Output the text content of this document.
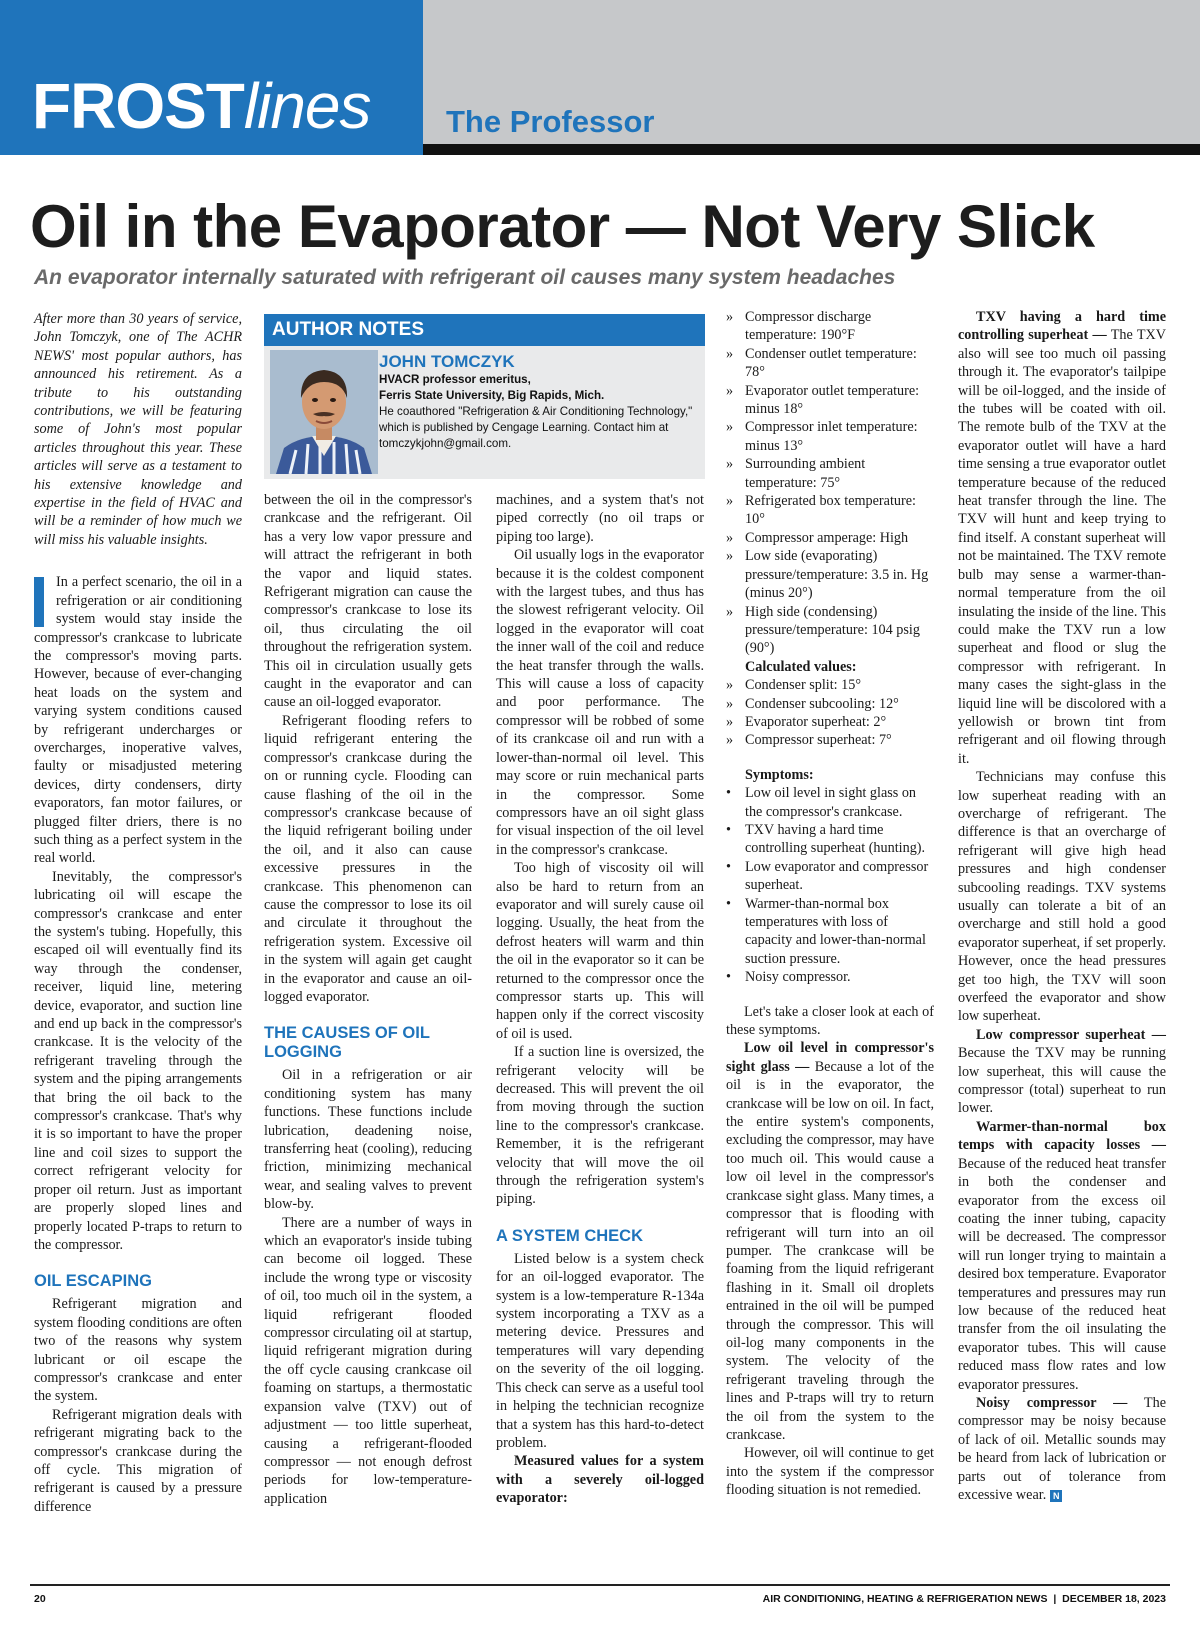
FROSTlines The Professor
Oil in the Evaporator — Not Very Slick
An evaporator internally saturated with refrigerant oil causes many system headaches
AUTHOR NOTES
JOHN TOMCZYK
HVACR professor emeritus,
Ferris State University, Big Rapids, Mich.
He coauthored "Refrigeration & Air Conditioning Technology," which is published by Cengage Learning. Contact him at tomczykjohn@gmail.com.

After more than 30 years of service, John Tomczyk, one of The ACHR NEWS' most popular authors, has announced his retirement. As a tribute to his outstanding contributions, we will be featuring some of John's most popular articles throughout this year. These articles will serve as a testament to his extensive knowledge and expertise in the field of HVAC and will be a reminder of how much we will miss his valuable insights.

In a perfect scenario, the oil in a refrigeration or air conditioning system would stay inside the compressor's crankcase to lubricate the compressor's moving parts. However, because of ever-changing heat loads on the system and varying system conditions caused by refrigerant undercharges or overcharges, inoperative valves, faulty or misadjusted metering devices, dirty condensers, dirty evaporators, fan motor failures, or plugged filter driers, there is no such thing as a perfect system in the real world.

Inevitably, the compressor's lubricating oil will escape the compressor's crankcase and enter the system's tubing. Hopefully, this escaped oil will eventually find its way through the condenser, receiver, liquid line, metering device, evaporator, and suction line and end up back in the compressor's crankcase. It is the velocity of the refrigerant traveling through the system and the piping arrangements that bring the oil back to the compressor's crankcase. That's why it is so important to have the proper line and coil sizes to support the correct refrigerant velocity for proper oil return. Just as important are properly sloped lines and properly located P-traps to return to the compressor.

OIL ESCAPING

Refrigerant migration and system flooding conditions are often two of the reasons why system lubricant or oil escape the compressor's crankcase and enter the system.

Refrigerant migration deals with refrigerant migrating back to the compressor's crankcase during the off cycle. This migration of refrigerant is caused by a pressure difference

between the oil in the compressor's crankcase and the refrigerant. Oil has a very low vapor pressure and will attract the refrigerant in both the vapor and liquid states. Refrigerant migration can cause the compressor's crankcase to lose its oil, thus circulating the oil throughout the refrigeration system. This oil in circulation usually gets caught in the evaporator and can cause an oil-logged evaporator.

Refrigerant flooding refers to liquid refrigerant entering the compressor's crankcase during the on or running cycle. Flooding can cause flashing of the oil in the compressor's crankcase because of the liquid refrigerant boiling under the oil, and it also can cause excessive pressures in the crankcase. This phenomenon can cause the compressor to lose its oil and circulate it throughout the refrigeration system. Excessive oil in the system will again get caught in the evaporator and cause an oil-logged evaporator.

THE CAUSES OF OIL LOGGING

Oil in a refrigeration or air conditioning system has many functions. These functions include lubrication, deadening noise, transferring heat (cooling), reducing friction, minimizing mechanical wear, and sealing valves to prevent blow-by.

There are a number of ways in which an evaporator's inside tubing can become oil logged. These include the wrong type or viscosity of oil, too much oil in the system, a liquid refrigerant flooded compressor circulating oil at startup, liquid refrigerant migration during the off cycle causing crankcase oil foaming on startups, a thermostatic expansion valve (TXV) out of adjustment — too little superheat, causing a refrigerant-flooded compressor — not enough defrost periods for low-temperature-application

machines, and a system that's not piped correctly (no oil traps or piping too large).

Oil usually logs in the evaporator because it is the coldest component with the largest tubes, and thus has the slowest refrigerant velocity. Oil logged in the evaporator will coat the inner wall of the coil and reduce the heat transfer through the walls. This will cause a loss of capacity and poor performance. The compressor will be robbed of some of its crankcase oil and run with a lower-than-normal oil level. This may score or ruin mechanical parts in the compressor. Some compressors have an oil sight glass for visual inspection of the oil level in the compressor's crankcase.

Too high of viscosity oil will also be hard to return from an evaporator and will surely cause oil logging. Usually, the heat from the defrost heaters will warm and thin the oil in the evaporator so it can be returned to the compressor once the compressor starts up. This will happen only if the correct viscosity of oil is used.

If a suction line is oversized, the refrigerant velocity will be decreased. This will prevent the oil from moving through the suction line to the compressor's crankcase. Remember, it is the refrigerant velocity that will move the oil through the refrigeration system's piping.

A SYSTEM CHECK

Listed below is a system check for an oil-logged evaporator. The system is a low-temperature R-134a system incorporating a TXV as a metering device. Pressures and temperatures will vary depending on the severity of the oil logging. This check can serve as a useful tool in helping the technician recognize that a system has this hard-to-detect problem.

Measured values for a system with a severely oil-logged evaporator:

» Compressor discharge temperature: 190°F
» Condenser outlet temperature: 78°
» Evaporator outlet temperature: minus 18°
» Compressor inlet temperature: minus 13°
» Surrounding ambient temperature: 75°
» Refrigerated box temperature: 10°
» Compressor amperage: High
» Low side (evaporating) pressure/temperature: 3.5 in. Hg (minus 20°)
» High side (condensing) pressure/temperature: 104 psig (90°)
Calculated values:
» Condenser split: 15°
» Condenser subcooling: 12°
» Evaporator superheat: 2°
» Compressor superheat: 7°
Symptoms:
• Low oil level in sight glass on the compressor's crankcase.
• TXV having a hard time controlling superheat (hunting).
• Low evaporator and compressor superheat.
• Warmer-than-normal box temperatures with loss of capacity and lower-than-normal suction pressure.
• Noisy compressor.

Let's take a closer look at each of these symptoms.

Low oil level in compressor's sight glass — Because a lot of the oil is in the evaporator, the crankcase will be low on oil. In fact, the entire system's components, excluding the compressor, may have too much oil. This would cause a low oil level in the compressor's crankcase sight glass. Many times, a compressor that is flooding with refrigerant will turn into an oil pumper. The crankcase will be foaming from the liquid refrigerant flashing in it. Small oil droplets entrained in the oil will be pumped through the compressor. This will oil-log many components in the system. The velocity of the refrigerant traveling through the lines and P-traps will try to return the oil from the system to the crankcase.

However, oil will continue to get into the system if the compressor flooding situation is not remedied.

TXV having a hard time controlling superheat — The TXV also will see too much oil passing through it. The evaporator's tailpipe will be oil-logged, and the inside of the tubes will be coated with oil. The remote bulb of the TXV at the evaporator outlet will have a hard time sensing a true evaporator outlet temperature because of the reduced heat transfer through the line. The TXV will hunt and keep trying to find itself. A constant superheat will not be maintained. The TXV remote bulb may sense a warmer-than-normal temperature from the oil insulating the inside of the line. This could make the TXV run a low superheat and flood or slug the compressor with refrigerant. In many cases the sight-glass in the liquid line will be discolored with a yellowish or brown tint from refrigerant and oil flowing through it.

Technicians may confuse this low superheat reading with an overcharge of refrigerant. The difference is that an overcharge of refrigerant will give high head pressures and high condenser subcooling readings. TXV systems usually can tolerate a bit of an overcharge and still hold a good evaporator superheat, if set properly. However, once the head pressures get too high, the TXV will soon overfeed the evaporator and show low superheat.

Low compressor superheat — Because the TXV may be running low superheat, this will cause the compressor (total) superheat to run lower.

Warmer-than-normal box temps with capacity losses — Because of the reduced heat transfer in both the condenser and evaporator from the excess oil coating the inner tubing, capacity will be decreased. The compressor will run longer trying to maintain a desired box temperature. Evaporator temperatures and pressures may run low because of the reduced heat transfer from the oil insulating the evaporator tubes. This will cause reduced mass flow rates and low evaporator pressures.

Noisy compressor — The compressor may be noisy because of lack of oil. Metallic sounds may be heard from lack of lubrication or parts out of tolerance from excessive wear. N

20	AIR CONDITIONING, HEATING & REFRIGERATION NEWS | DECEMBER 18, 2023
